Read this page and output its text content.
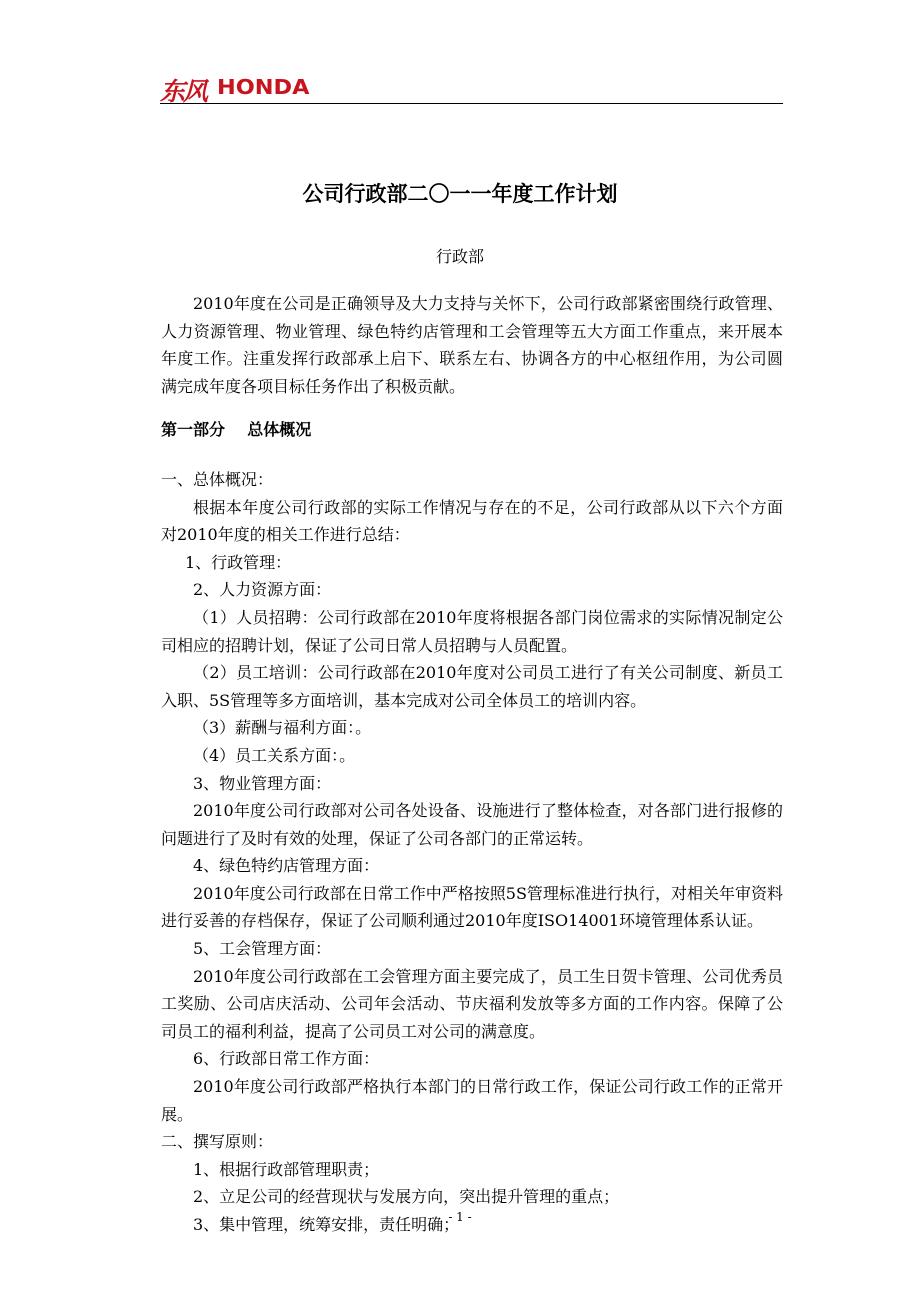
东风 HONDA
公司行政部二〇一一年度工作计划
行政部

2010年度在公司是正确领导及大力支持与关怀下，公司行政部紧密围绕行政管理、人力资源管理、物业管理、绿色特约店管理和工会管理等五大方面工作重点，来开展本年度工作。注重发挥行政部承上启下、联系左右、协调各方的中心枢纽作用，为公司圆满完成年度各项目标任务作出了积极贡献。

第一部分    总体概况

一、总体概况：

根据本年度公司行政部的实际工作情况与存在的不足，公司行政部从以下六个方面对2010年度的相关工作进行总结：

1、行政管理：

2、人力资源方面：

（1）人员招聘：公司行政部在2010年度将根据各部门岗位需求的实际情况制定公司相应的招聘计划，保证了公司日常人员招聘与人员配置。

（2）员工培训：公司行政部在2010年度对公司员工进行了有关公司制度、新员工入职、5S管理等多方面培训，基本完成对公司全体员工的培训内容。

（3）薪酬与福利方面：。

（4）员工关系方面：。

3、物业管理方面：

2010年度公司行政部对公司各处设备、设施进行了整体检查，对各部门进行报修的问题进行了及时有效的处理，保证了公司各部门的正常运转。

4、绿色特约店管理方面：

2010年度公司行政部在日常工作中严格按照5S管理标准进行执行，对相关年审资料进行妥善的存档保存，保证了公司顺利通过2010年度ISO14001环境管理体系认证。

5、工会管理方面：

2010年度公司行政部在工会管理方面主要完成了，员工生日贺卡管理、公司优秀员工奖励、公司店庆活动、公司年会活动、节庆福利发放等多方面的工作内容。保障了公司员工的福利利益，提高了公司员工对公司的满意度。

6、行政部日常工作方面：

2010年度公司行政部严格执行本部门的日常行政工作，保证公司行政工作的正常开展。

二、撰写原则：

1、根据行政部管理职责；

2、立足公司的经营现状与发展方向，突出提升管理的重点；

3、集中管理，统筹安排，责任明确；

- 1 -
